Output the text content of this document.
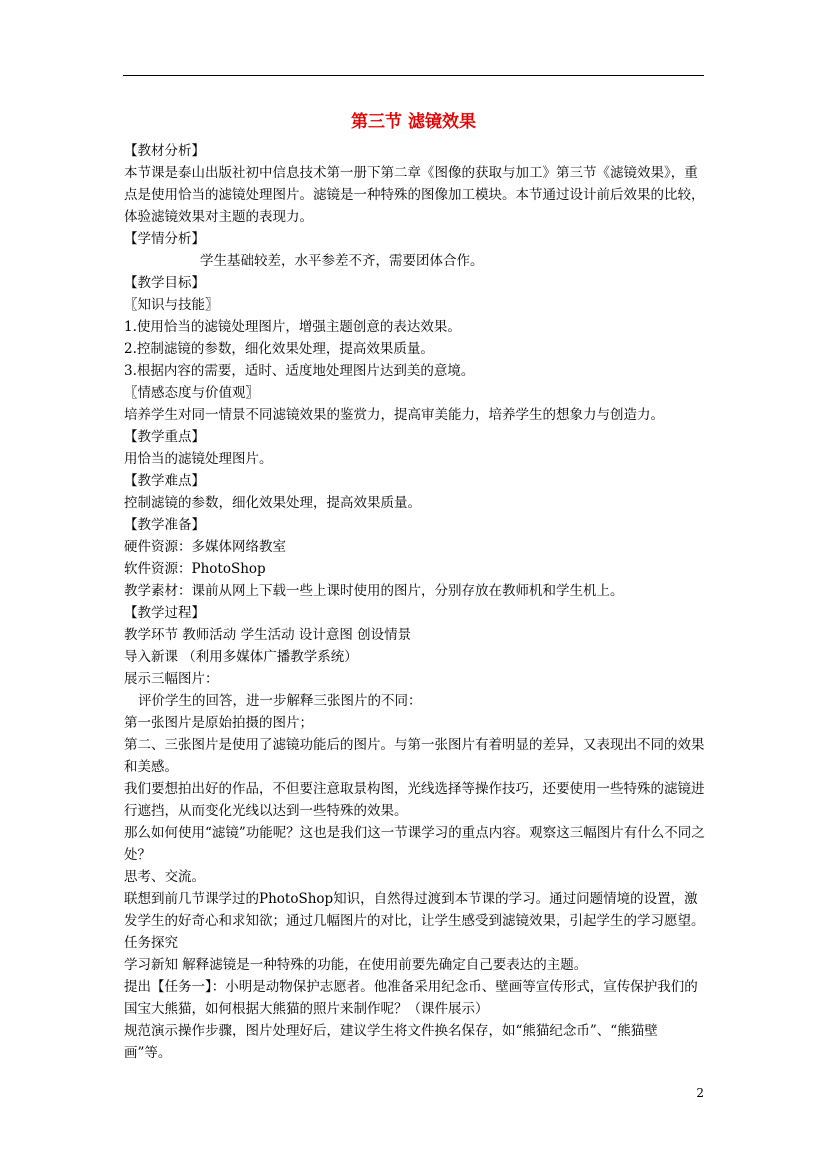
第三节 滤镜效果

【教材分析】

本节课是泰山出版社初中信息技术第一册下第二章《图像的获取与加工》第三节《滤镜效果》，重点是使用恰当的滤镜处理图片。滤镜是一种特殊的图像加工模块。本节通过设计前后效果的比较，体验滤镜效果对主题的表现力。

【学情分析】

学生基础较差，水平参差不齐，需要团体合作。

【教学目标】

〖知识与技能〗

1.使用恰当的滤镜处理图片，增强主题创意的表达效果。

2.控制滤镜的参数，细化效果处理，提高效果质量。

3.根据内容的需要，适时、适度地处理图片达到美的意境。

〖情感态度与价值观〗

培养学生对同一情景不同滤镜效果的鉴赏力，提高审美能力，培养学生的想象力与创造力。

【教学重点】

用恰当的滤镜处理图片。

【教学难点】

控制滤镜的参数，细化效果处理，提高效果质量。

【教学准备】

硬件资源：多媒体网络教室

软件资源：PhotoShop

教学素材：课前从网上下载一些上课时使用的图片，分别存放在教师机和学生机上。

【教学过程】

教学环节 教师活动 学生活动 设计意图 创设情景

导入新课 （利用多媒体广播教学系统）

展示三幅图片：

评价学生的回答，进一步解释三张图片的不同：

第一张图片是原始拍摄的图片；

第二、三张图片是使用了滤镜功能后的图片。与第一张图片有着明显的差异，又表现出不同的效果和美感。

我们要想拍出好的作品，不但要注意取景构图，光线选择等操作技巧，还要使用一些特殊的滤镜进行遮挡，从而变化光线以达到一些特殊的效果。

那么如何使用“滤镜”功能呢？这也是我们这一节课学习的重点内容。观察这三幅图片有什么不同之处？

思考、交流。

联想到前几节课学过的PhotoShop知识，自然得过渡到本节课的学习。通过问题情境的设置，激发学生的好奇心和求知欲；通过几幅图片的对比，让学生感受到滤镜效果，引起学生的学习愿望。任务探究

学习新知 解释滤镜是一种特殊的功能，在使用前要先确定自己要表达的主题。

提出【任务一】：小明是动物保护志愿者。他准备采用纪念币、壁画等宣传形式，宣传保护我们的国宝大熊猫，如何根据大熊猫的照片来制作呢？（课件展示）

规范演示操作步骤，图片处理好后，建议学生将文件换名保存，如“熊猫纪念币”、“熊猫壁画”等。

2
